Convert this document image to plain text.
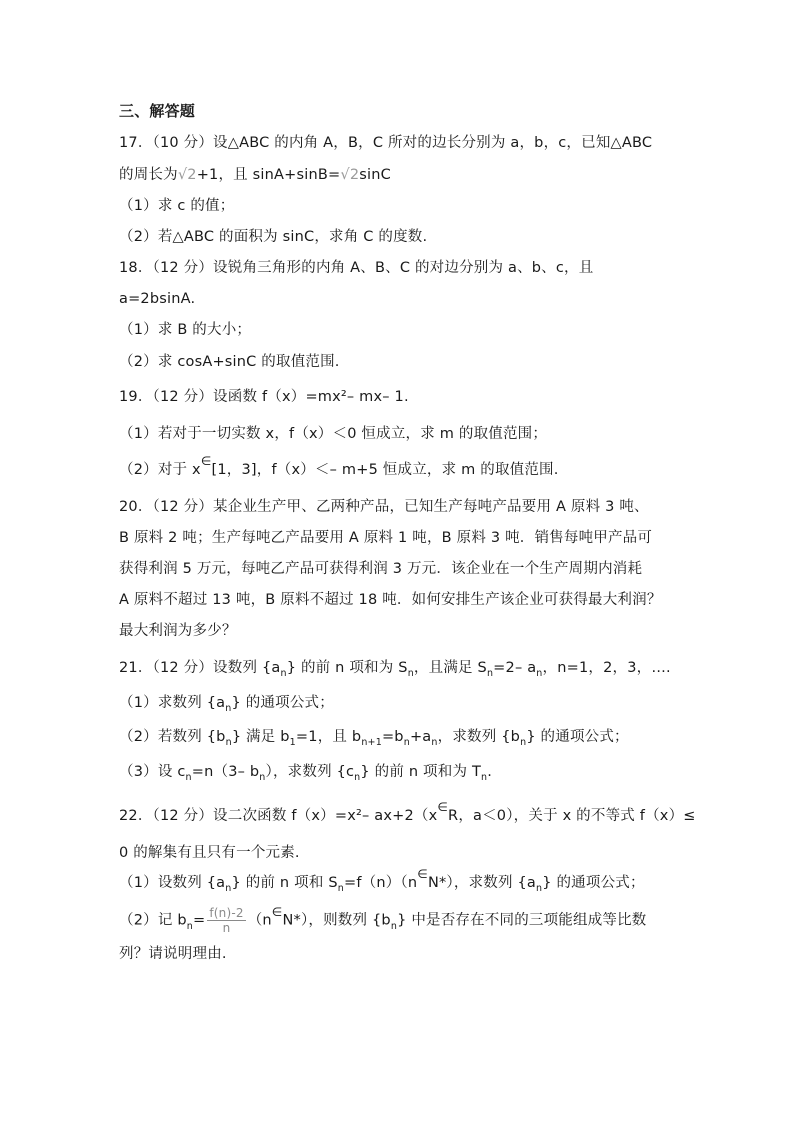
三、解答题
17．（10 分）设△ABC 的内角 A，B，C 所对的边长分别为 a，b，c，已知△ABC
的周长为√2+1，且 sinA+sinB=√2sinC
（1）求 c 的值；
（2）若△ABC 的面积为 sinC，求角 C 的度数.
18．（12 分）设锐角三角形的内角 A、B、C 的对边分别为 a、b、c，且
a=2bsinA.
（1）求 B 的大小；
（2）求 cosA+sinC 的取值范围.
19．（12 分）设函数 f（x）=mx²– mx– 1.
（1）若对于一切实数 x，f（x）＜0 恒成立，求 m 的取值范围；
（2）对于 x∈[1，3]，f（x）＜– m+5 恒成立，求 m 的取值范围.
20．（12 分）某企业生产甲、乙两种产品，已知生产每吨产品要用 A 原料 3 吨、
B 原料 2 吨；生产每吨乙产品要用 A 原料 1 吨，B 原料 3 吨．销售每吨甲产品可
获得利润 5 万元，每吨乙产品可获得利润 3 万元．该企业在一个生产周期内消耗
A 原料不超过 13 吨，B 原料不超过 18 吨．如何安排生产该企业可获得最大利润？
最大利润为多少？
21．（12 分）设数列 $\{a_n\}$ 的前 n 项和为 $S_n$，且满足 $S_n=2-$ $a_n$，n=1，2，3，….
（1）求数列 $\{a_n\}$ 的通项公式；
（2）若数列 $\{b_n\}$ 满足 $b_1=1$，且 $b_{n+1}=b_n+a_n$，求数列 $\{b_n\}$ 的通项公式；
（3）设 $c_n=n(3-$ $b_n$），求数列 $\{c_n\}$ 的前 n 项和为 $T_n$.
22．（12 分）设二次函数 f（x）=x²– ax+2（x∈R，a＜0），关于 x 的不等式 f（x）≤
0 的解集有且只有一个元素.
（1）设数列 $\{a_n\}$ 的前 n 项和 $S_n=f(n)(n^\in N*)$，求数列 $\{a_n\}$ 的通项公式；
（2）记 $b_n= \frac{f(n)-2}{n} (n^\in N*)$，则数列 $\{b_n\}$ 中是否存在不同的三项能组成等比数
列？请说明理由.
